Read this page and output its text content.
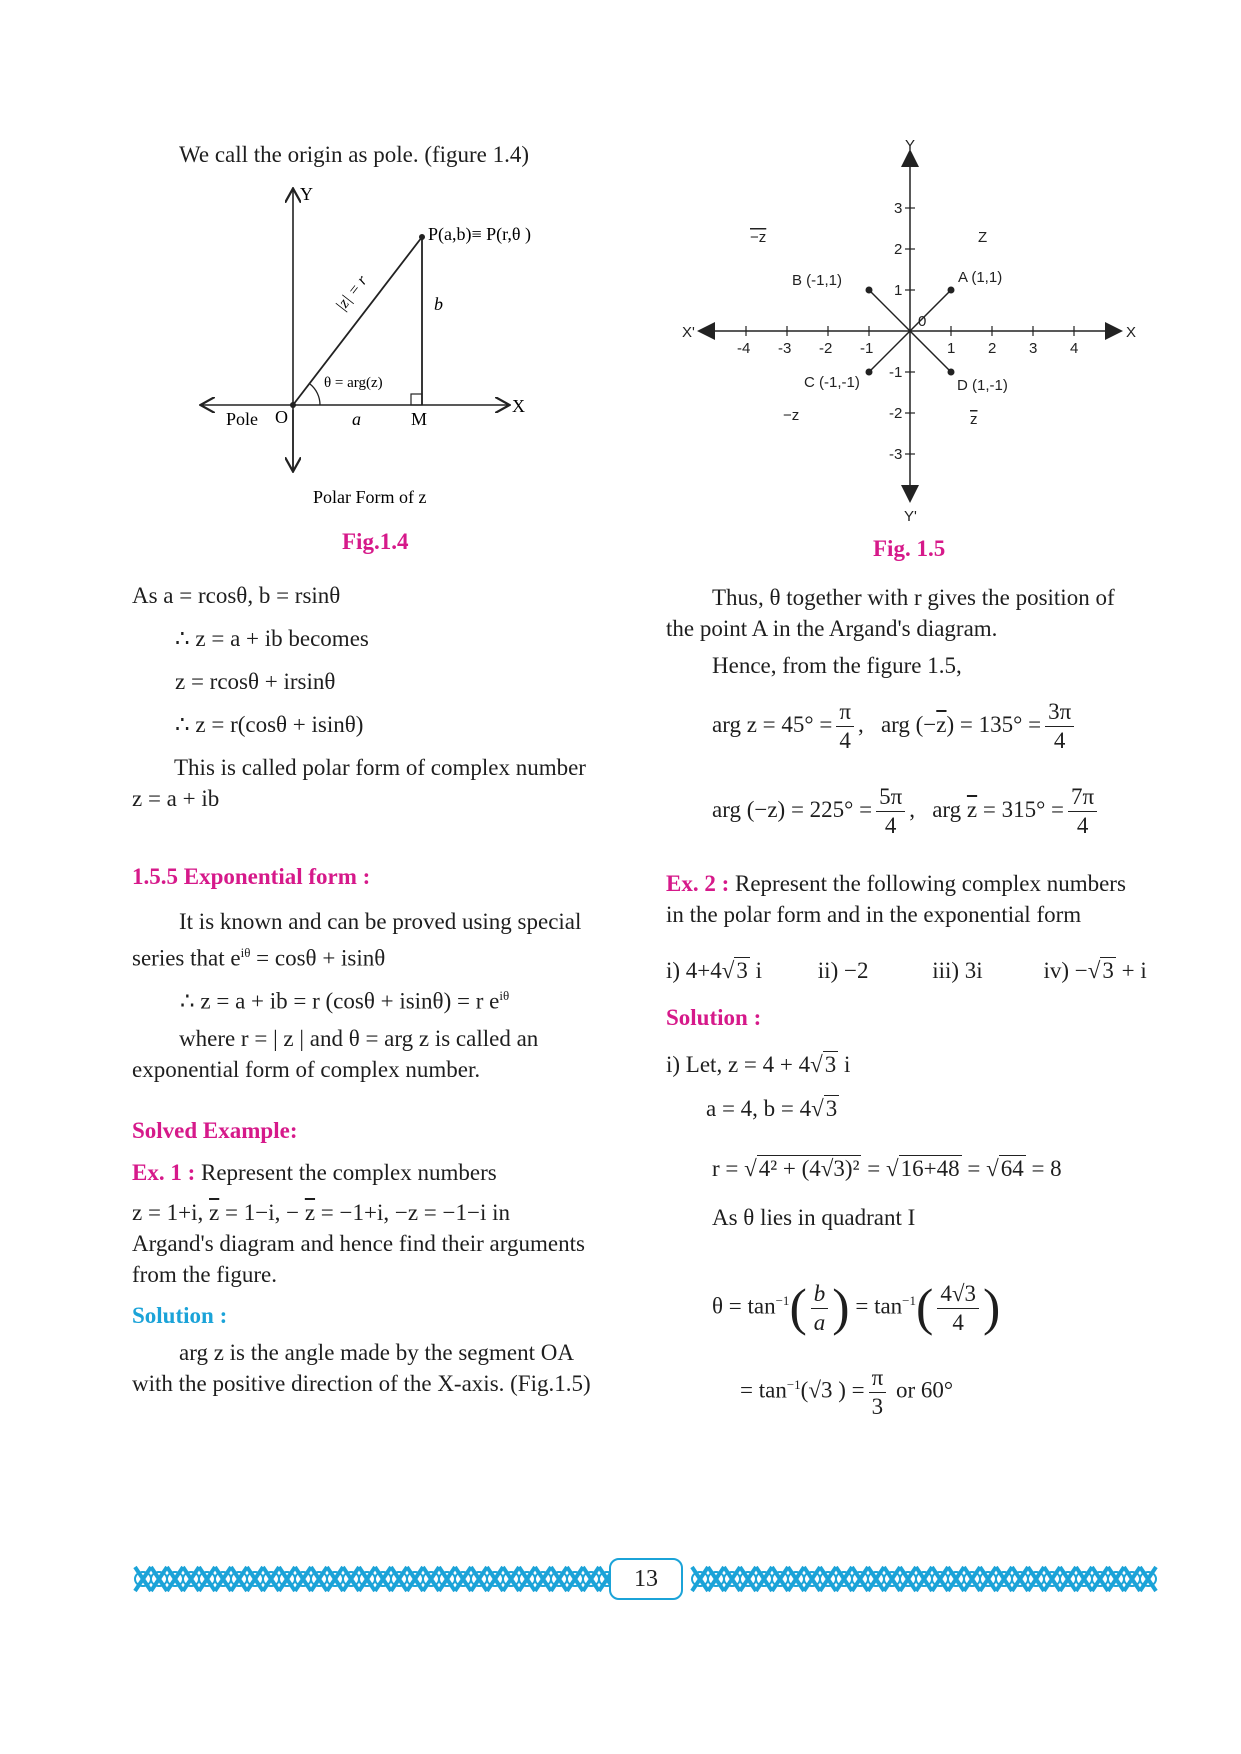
We call the origin as pole. (figure 1.4)
Y
X
Pole O
P(a,b)≡ P(r,θ )
|z| = r	b
a	M
θ = arg(z)
Polar Form of z
Fig.1.4
As a = rcosθ, b = rsinθ
∴ z = a + ib becomes
z = rcosθ + irsinθ
∴ z = r(cosθ + isinθ)
This is called polar form of complex number
z = a + ib
1.5.5 Exponential form :
It is known and can be proved using special
series that $e^{i\theta} = \cos\theta + isin\theta$
∴ z = a + ib = r (cosθ + isinθ) = r $e^{i\theta}$
where r = | z | and θ = arg z is called an
exponential form of complex number.
Solved Example:
Ex. 1 : Represent the complex numbers
z = 1+i, $\overline{z} = 1-i$, − $\overline{z} = -1+i$, −z = −1−i in
Argand's diagram and hence find their arguments
from the figure.
Solution :
arg z is the angle made by the segment OA
with the positive direction of the X-axis. (Fig.1.5)
-4 -3 -2 -1	1 2 3 4
3
2
1
-1
-2
-3
Y
Y'
X
X'
0
A (1,1)
B (-1,1)
C (-1,-1)	D (1,-1)
Z
−z
−z	z
Fig. 1.5
Thus, θ together with r gives the position of
the point A in the Argand's diagram.
Hence, from the figure 1.5,
arg $z = 45^\circ = \frac{\pi}{4}$ ,   arg $(-\overline{z}) = 135^\circ = \frac{3\pi}{4}$
arg $(-z) = 225^\circ = \frac{5\pi}{4}$ ,   arg $\overline{z} = 315^\circ = \frac{7\pi}{4}$
Ex. 2 : Represent the following complex numbers
in the polar form and in the exponential form
i) 4+4√3 i ii) −2	iii) 3i	iv) −√3 + i
Solution :
i) Let, z = 4 + 4√3 i
a = 4, b = 4√3
r = √4² + (4√3)² = √16+48 = √64 = 8
As θ lies in quadrant I
$\theta = \tan^{-1}( \frac{b}{a}$ ) = $\tan^{-1}( \frac{4√3}{4}$ )
= $\tan^{-1}(√3$ ) = $\frac{\pi}{3}$ or 60°
13
